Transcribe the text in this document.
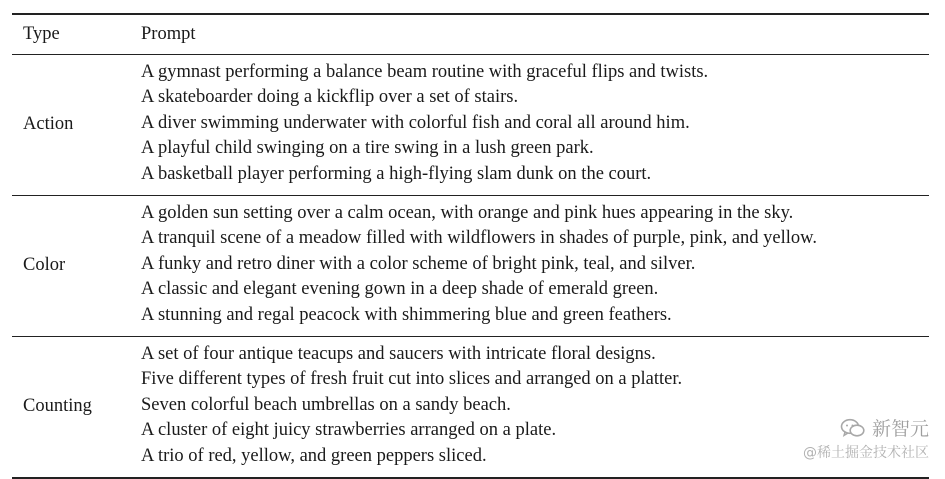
Type	Prompt
Action	A gymnast performing a balance beam routine with graceful flips and twists.
A skateboarder doing a kickflip over a set of stairs.
A diver swimming underwater with colorful fish and coral all around him.
A playful child swinging on a tire swing in a lush green park.
A basketball player performing a high-flying slam dunk on the court.

Color	A golden sun setting over a calm ocean, with orange and pink hues appearing in the sky.
A tranquil scene of a meadow filled with wildflowers in shades of purple, pink, and yellow.
A funky and retro diner with a color scheme of bright pink, teal, and silver.
A classic and elegant evening gown in a deep shade of emerald green.
A stunning and regal peacock with shimmering blue and green feathers.

Counting	A set of four antique teacups and saucers with intricate floral designs.
Five different types of fresh fruit cut into slices and arranged on a platter.
Seven colorful beach umbrellas on a sandy beach.
A cluster of eight juicy strawberries arranged on a plate.
A trio of red, yellow, and green peppers sliced.
新智元
@稀土掘金技术社区
